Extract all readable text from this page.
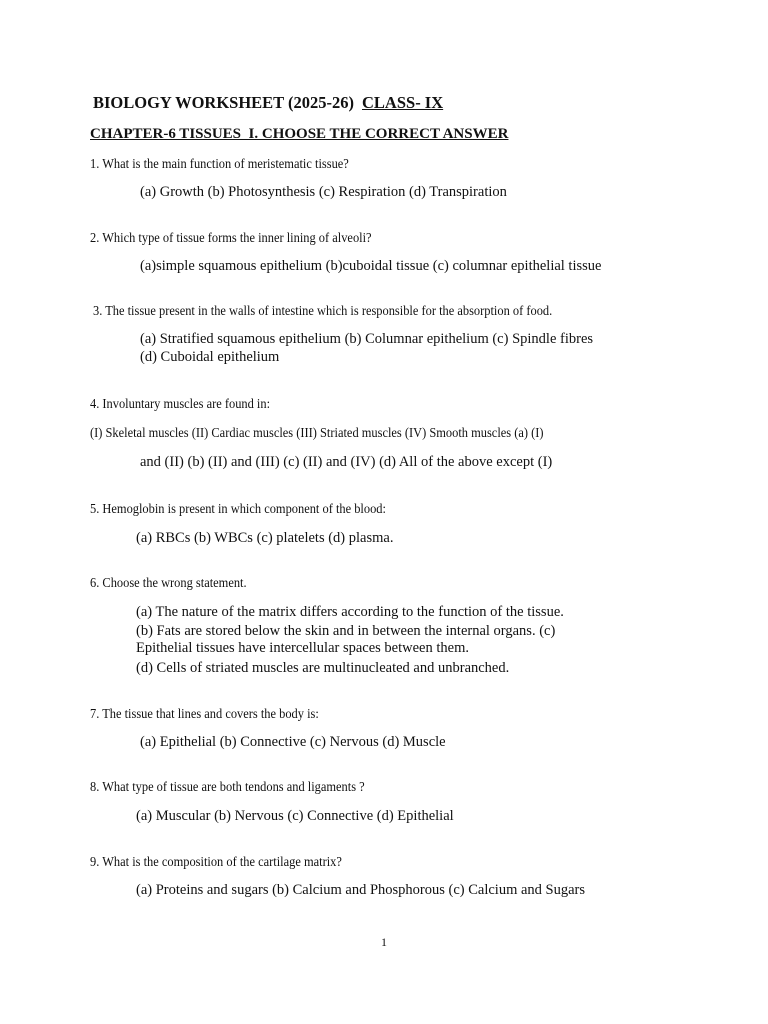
BIOLOGY WORKSHEET (2025-26) CLASS- IX
CHAPTER-6 TISSUES  I. CHOOSE THE CORRECT ANSWER
1. What is the main function of meristematic tissue?
(a) Growth (b) Photosynthesis (c) Respiration (d) Transpiration
2. Which type of tissue forms the inner lining of alveoli?
(a)simple squamous epithelium (b)cuboidal tissue (c) columnar epithelial tissue
3. The tissue present in the walls of intestine which is responsible for the absorption of food.
(a) Stratified squamous epithelium (b) Columnar epithelium (c) Spindle fibres
(d) Cuboidal epithelium
4. Involuntary muscles are found in:
(I) Skeletal muscles (II) Cardiac muscles (III) Striated muscles (IV) Smooth muscles (a) (I)
and (II) (b) (II) and (III) (c) (II) and (IV) (d) All of the above except (I)
5. Hemoglobin is present in which component of the blood:
(a) RBCs (b) WBCs (c) platelets (d) plasma.
6. Choose the wrong statement.
(a) The nature of the matrix differs according to the function of the tissue.
(b) Fats are stored below the skin and in between the internal organs. (c)
Epithelial tissues have intercellular spaces between them.
(d) Cells of striated muscles are multinucleated and unbranched.
7. The tissue that lines and covers the body is:
(a) Epithelial (b) Connective (c) Nervous (d) Muscle
8. What type of tissue are both tendons and ligaments ?
(a) Muscular (b) Nervous (c) Connective (d) Epithelial
9. What is the composition of the cartilage matrix?
(a) Proteins and sugars (b) Calcium and Phosphorous (c) Calcium and Sugars
1
